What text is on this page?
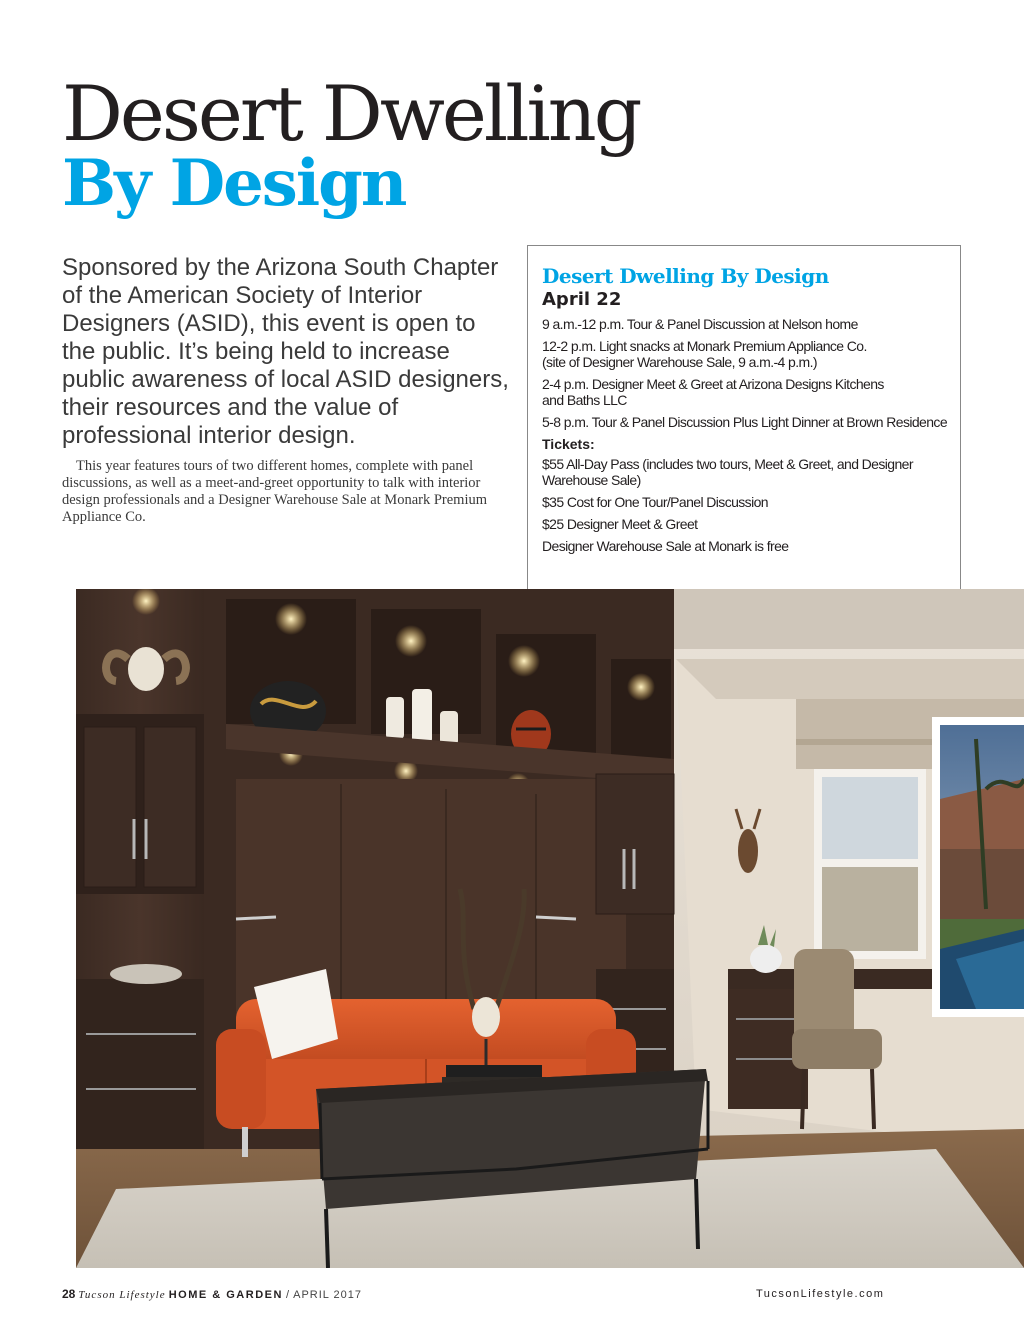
Desert Dwelling
By Design
Sponsored by the Arizona South Chapter of the American Society of Interior Designers (ASID), this event is open to the public. It’s being held to increase public awareness of local ASID designers, their resources and the value of professional interior design.
This year features tours of two different homes, complete with panel discussions, as well as a meet-and-greet opportunity to talk with interior design professionals and a Designer Warehouse Sale at Monark Premium Appliance Co.
Desert Dwelling By Design
April 22
9 a.m.-12 p.m. Tour & Panel Discussion at Nelson home
12-2 p.m. Light snacks at Monark Premium Appliance Co.
(site of Designer Warehouse Sale, 9 a.m.-4 p.m.)
2-4 p.m. Designer Meet & Greet at Arizona Designs Kitchens
and Baths LLC
5-8 p.m. Tour & Panel Discussion Plus Light Dinner at Brown Residence
Tickets:
$55 All-Day Pass (includes two tours, Meet & Greet, and Designer
Warehouse Sale)
$35 Cost for One Tour/Panel Discussion
$25 Designer Meet & Greet
Designer Warehouse Sale at Monark is free
28 Tucson Lifestyle HOME & GARDEN / APRIL 2017	TucsonLifestyle.com
